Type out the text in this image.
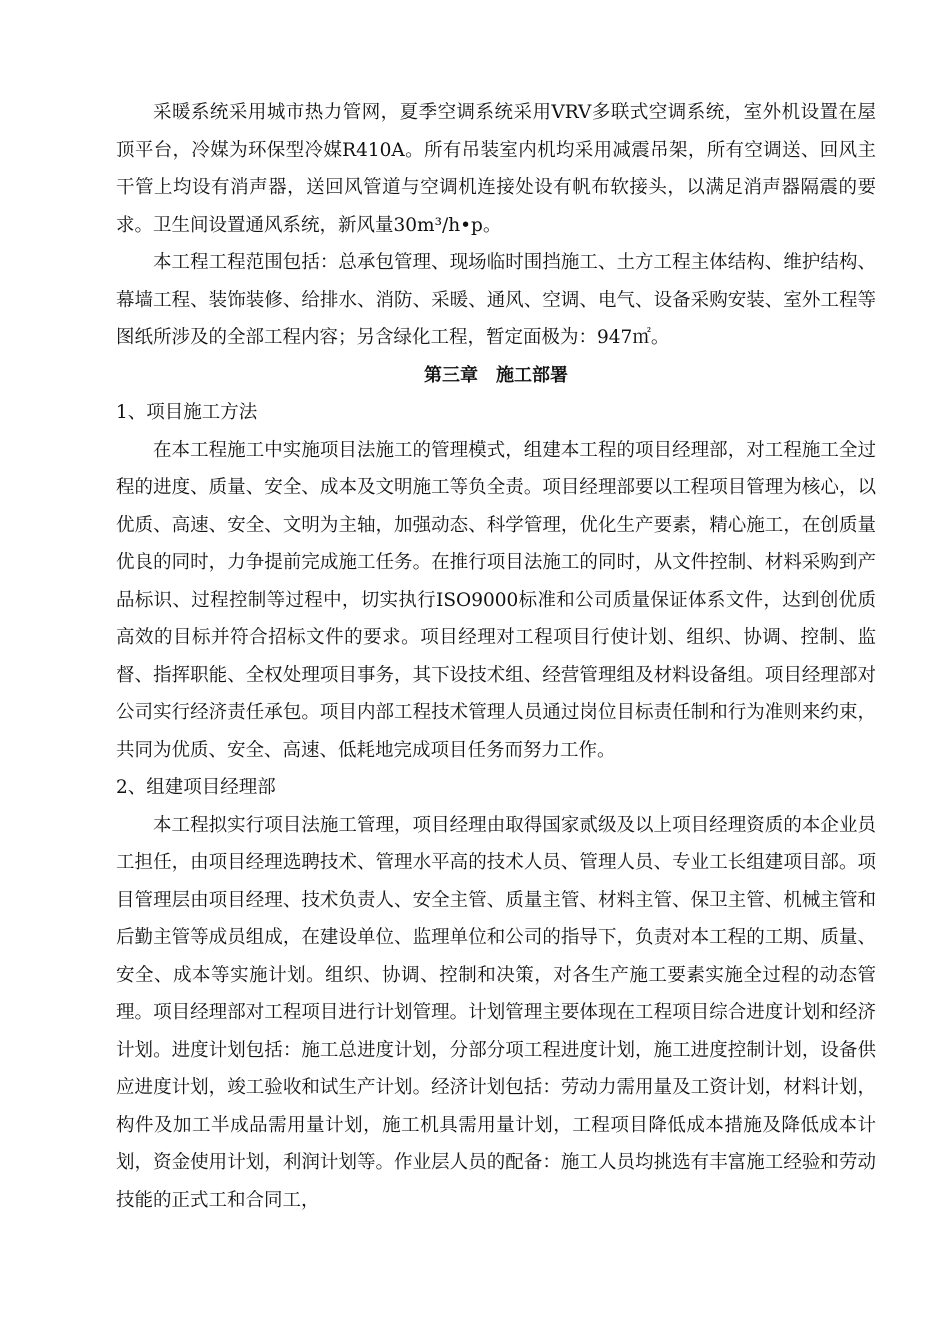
采暖系统采用城市热力管网，夏季空调系统采用VRV多联式空调系统，室外机设置在屋顶平台，冷媒为环保型冷媒R410A。所有吊装室内机均采用减震吊架，所有空调送、回风主干管上均设有消声器，送回风管道与空调机连接处设有帆布软接头，以满足消声器隔震的要求。卫生间设置通风系统，新风量30m³/h•p。

本工程工程范围包括：总承包管理、现场临时围挡施工、土方工程主体结构、维护结构、幕墙工程、装饰装修、给排水、消防、采暖、通风、空调、电气、设备采购安装、室外工程等图纸所涉及的全部工程内容；另含绿化工程，暂定面极为：947㎡。

第三章　施工部署

1、项目施工方法

在本工程施工中实施项目法施工的管理模式，组建本工程的项目经理部，对工程施工全过程的进度、质量、安全、成本及文明施工等负全责。项目经理部要以工程项目管理为核心，以优质、高速、安全、文明为主轴，加强动态、科学管理，优化生产要素，精心施工，在创质量优良的同时，力争提前完成施工任务。在推行项目法施工的同时，从文件控制、材料采购到产品标识、过程控制等过程中，切实执行ISO9000标准和公司质量保证体系文件，达到创优质高效的目标并符合招标文件的要求。项目经理对工程项目行使计划、组织、协调、控制、监督、指挥职能、全权处理项目事务，其下设技术组、经营管理组及材料设备组。项目经理部对公司实行经济责任承包。项目内部工程技术管理人员通过岗位目标责任制和行为准则来约束，共同为优质、安全、高速、低耗地完成项目任务而努力工作。

2、组建项目经理部

本工程拟实行项目法施工管理，项目经理由取得国家贰级及以上项目经理资质的本企业员工担任，由项目经理选聘技术、管理水平高的技术人员、管理人员、专业工长组建项目部。项目管理层由项目经理、技术负责人、安全主管、质量主管、材料主管、保卫主管、机械主管和后勤主管等成员组成，在建设单位、监理单位和公司的指导下，负责对本工程的工期、质量、安全、成本等实施计划。组织、协调、控制和决策，对各生产施工要素实施全过程的动态管理。项目经理部对工程项目进行计划管理。计划管理主要体现在工程项目综合进度计划和经济计划。进度计划包括：施工总进度计划，分部分项工程进度计划，施工进度控制计划，设备供应进度计划，竣工验收和试生产计划。经济计划包括：劳动力需用量及工资计划，材料计划，构件及加工半成品需用量计划，施工机具需用量计划，工程项目降低成本措施及降低成本计划，资金使用计划，利润计划等。作业层人员的配备：施工人员均挑选有丰富施工经验和劳动技能的正式工和合同工，
